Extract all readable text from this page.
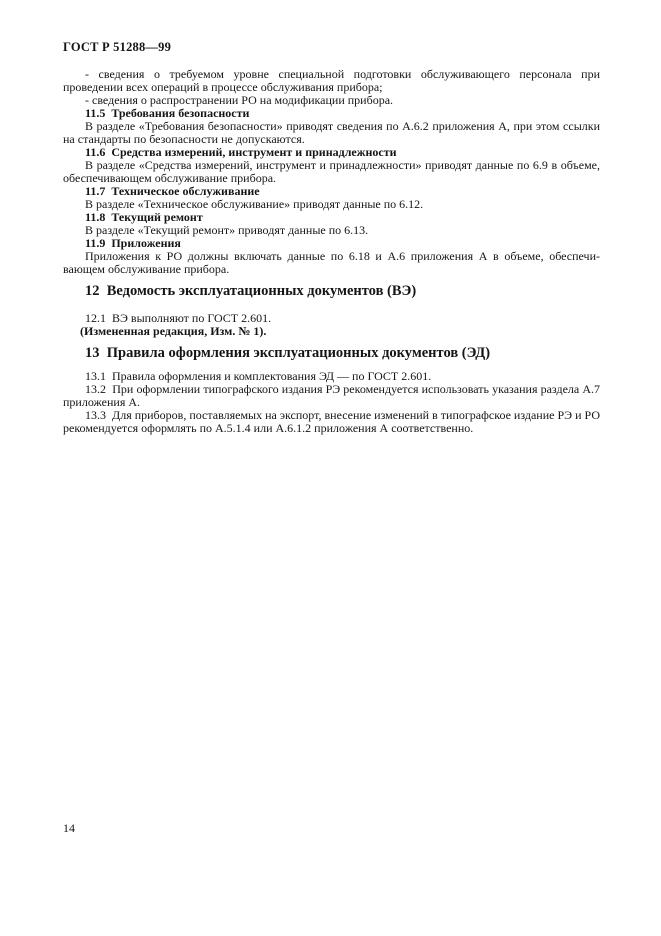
ГОСТ Р 51288—99

- сведения о требуемом уровне специальной подготовки обслуживающего персонала при проведении всех операций в процессе обслуживания прибора;

- сведения о распространении РО на модификации прибора.

11.5  Требования безопасности

В разделе «Требования безопасности» приводят сведения по А.6.2 приложения А, при этом ссылки на стандарты по безопасности не допускаются.

11.6  Средства измерений, инструмент и принадлежности

В разделе «Средства измерений, инструмент и принадлежности» приводят данные по 6.9 в объеме, обеспечивающем обслуживание прибора.

11.7  Техническое обслуживание

В разделе «Техническое обслуживание» приводят данные по 6.12.

11.8  Текущий ремонт

В разделе «Текущий ремонт» приводят данные по 6.13.

11.9  Приложения

Приложения к РО должны включать данные по 6.18 и А.6 приложения А в объеме, обеспечивающем обслуживание прибора.

12  Ведомость эксплуатационных документов (ВЭ)

12.1  ВЭ выполняют по ГОСТ 2.601.

(Измененная редакция, Изм. № 1).

13  Правила оформления эксплуатационных документов (ЭД)

13.1  Правила оформления и комплектования ЭД — по ГОСТ 2.601.

13.2  При оформлении типографского издания РЭ рекомендуется использовать указания раздела А.7 приложения А.

13.3  Для приборов, поставляемых на экспорт, внесение изменений в типографское издание РЭ и РО рекомендуется оформлять по А.5.1.4 или А.6.1.2 приложения А соответственно.

14
